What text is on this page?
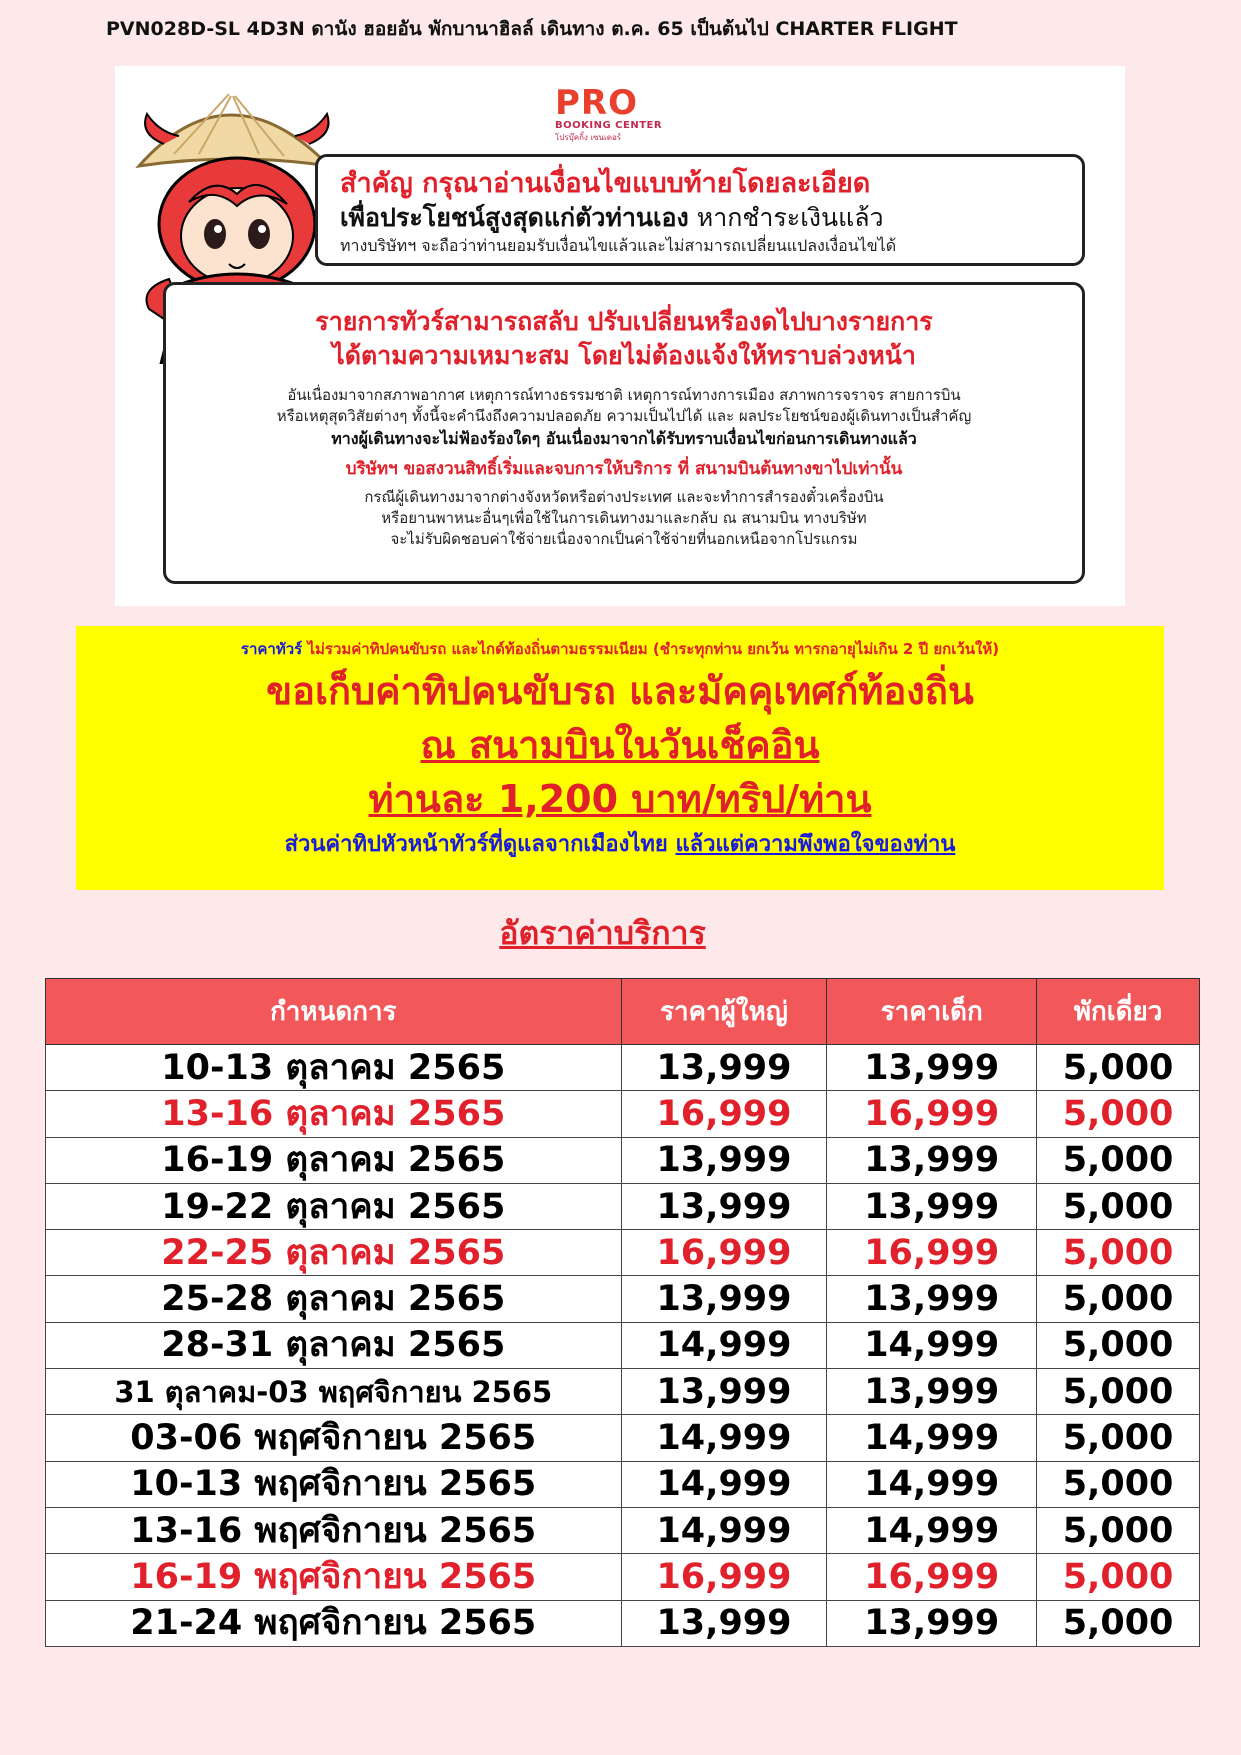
PVN028D-SL 4D3N ดานัง ฮอยอัน พักบานาฮิลล์ เดินทาง ต.ค. 65 เป็นต้นไป CHARTER FLIGHT
PRO
BOOKING CENTER
โปรบุ๊คกิ้ง เซนเตอร์
สำคัญ กรุณาอ่านเงื่อนไขแบบท้ายโดยละเอียด
เพื่อประโยชน์สูงสุดแก่ตัวท่านเอง หากชำระเงินแล้ว
ทางบริษัทฯ จะถือว่าท่านยอมรับเงื่อนไขแล้วและไม่สามารถเปลี่ยนแปลงเงื่อนไขได้
รายการทัวร์สามารถสลับ ปรับเปลี่ยนหรืองดไปบางรายการ
ได้ตามความเหมาะสม โดยไม่ต้องแจ้งให้ทราบล่วงหน้า
อันเนื่องมาจากสภาพอากาศ เหตุการณ์ทางธรรมชาติ เหตุการณ์ทางการเมือง สภาพการจราจร สายการบิน
หรือเหตุสุดวิสัยต่างๆ ทั้งนี้จะคำนึงถึงความปลอดภัย ความเป็นไปได้ และ ผลประโยชน์ของผู้เดินทางเป็นสำคัญ
ทางผู้เดินทางจะไม่ฟ้องร้องใดๆ อันเนื่องมาจากได้รับทราบเงื่อนไขก่อนการเดินทางแล้ว
บริษัทฯ ขอสงวนสิทธิ์เริ่มและจบการให้บริการ ที่ สนามบินต้นทางขาไปเท่านั้น
กรณีผู้เดินทางมาจากต่างจังหวัดหรือต่างประเทศ และจะทำการสำรองตั๋วเครื่องบิน
หรือยานพาหนะอื่นๆเพื่อใช้ในการเดินทางมาและกลับ ณ สนามบิน ทางบริษัท
จะไม่รับผิดชอบค่าใช้จ่ายเนื่องจากเป็นค่าใช้จ่ายที่นอกเหนือจากโปรแกรม
ราคาทัวร์ ไม่รวมค่าทิปคนขับรถ และไกด์ท้องถิ่นตามธรรมเนียม (ชำระทุกท่าน ยกเว้น ทารกอายุไม่เกิน 2 ปี ยกเว้นให้)
ขอเก็บค่าทิปคนขับรถ และมัคคุเทศก์ท้องถิ่น
ณ สนามบินในวันเช็คอิน
ท่านละ 1,200 บาท/ทริป/ท่าน
ส่วนค่าทิปหัวหน้าทัวร์ที่ดูแลจากเมืองไทย แล้วแต่ความพึงพอใจของท่าน
อัตราค่าบริการ
กำหนดการ	ราคาผู้ใหญ่	ราคาเด็ก	พักเดี่ยว
10-13 ตุลาคม 2565	13,999	13,999	5,000
13-16 ตุลาคม 2565	16,999	16,999	5,000
16-19 ตุลาคม 2565	13,999	13,999	5,000
19-22 ตุลาคม 2565	13,999	13,999	5,000
22-25 ตุลาคม 2565	16,999	16,999	5,000
25-28 ตุลาคม 2565	13,999	13,999	5,000
28-31 ตุลาคม 2565	14,999	14,999	5,000
31 ตุลาคม-03 พฤศจิกายน 2565	13,999	13,999	5,000
03-06 พฤศจิกายน 2565	14,999	14,999	5,000
10-13 พฤศจิกายน 2565	14,999	14,999	5,000
13-16 พฤศจิกายน 2565	14,999	14,999	5,000
16-19 พฤศจิกายน 2565	16,999	16,999	5,000
21-24 พฤศจิกายน 2565	13,999	13,999	5,000
